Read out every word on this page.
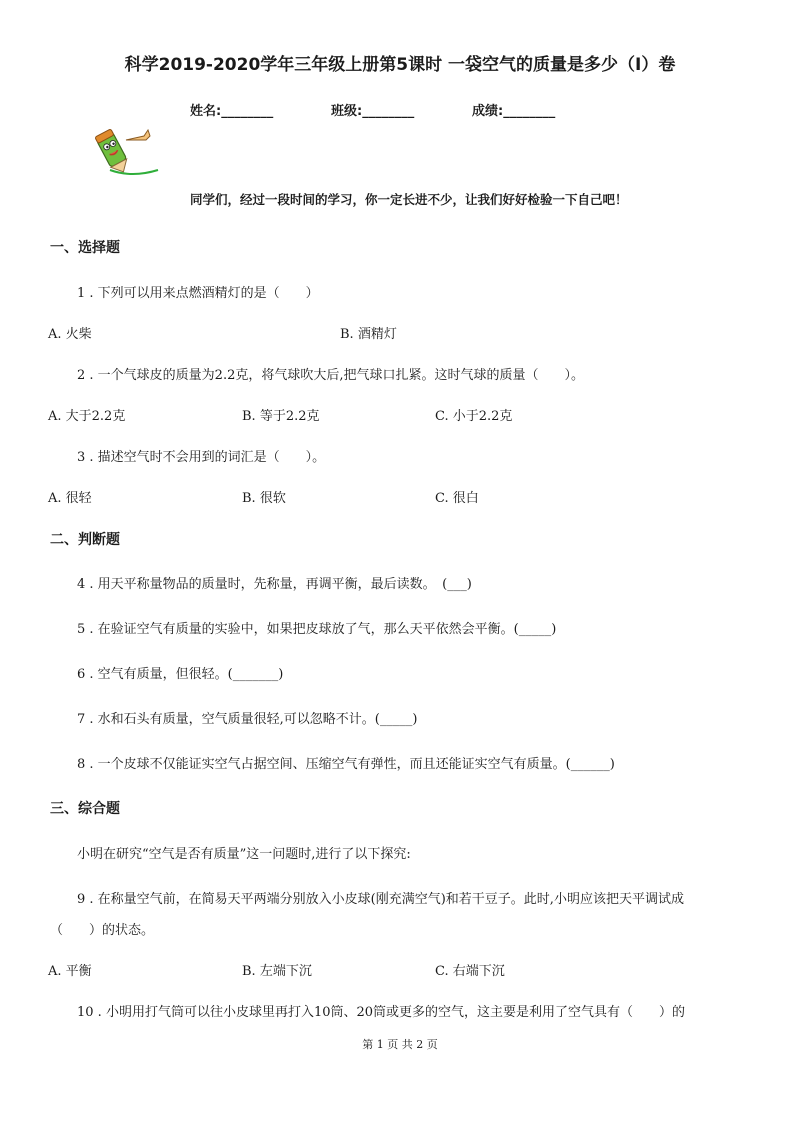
科学2019-2020学年三年级上册第5课时 一袋空气的质量是多少（I）卷
姓名:________	班级:________	成绩:________
同学们，经过一段时间的学习，你一定长进不少，让我们好好检验一下自己吧！
一、选择题
1 . 下列可以用来点燃酒精灯的是（　　）
A. 火柴	B. 酒精灯
2 . 一个气球皮的质量为2.2克，将气球吹大后,把气球口扎紧。这时气球的质量（　　）。
A. 大于2.2克	B. 等于2.2克	C. 小于2.2克
3 . 描述空气时不会用到的词汇是（　　）。
A. 很轻	B. 很软	C. 很白
二、判断题
4 . 用天平称量物品的质量时，先称量，再调平衡，最后读数。　(___)
5 . 在验证空气有质量的实验中，如果把皮球放了气，那么天平依然会平衡。(_____)
6 . 空气有质量，但很轻。(_______)
7 . 水和石头有质量，空气质量很轻,可以忽略不计。(_____)
8 . 一个皮球不仅能证实空气占据空间、压缩空气有弹性，而且还能证实空气有质量。(______)
三、综合题
小明在研究“空气是否有质量”这一问题时,进行了以下探究:
9 . 在称量空气前，在简易天平两端分别放入小皮球(刚充满空气)和若干豆子。此时,小明应该把天平调试成
（　　）的状态。
A. 平衡	B. 左端下沉	C. 右端下沉
10 . 小明用打气筒可以往小皮球里再打入10筒、20筒或更多的空气，这主要是利用了空气具有（　　）的
第 1 页 共 2 页
